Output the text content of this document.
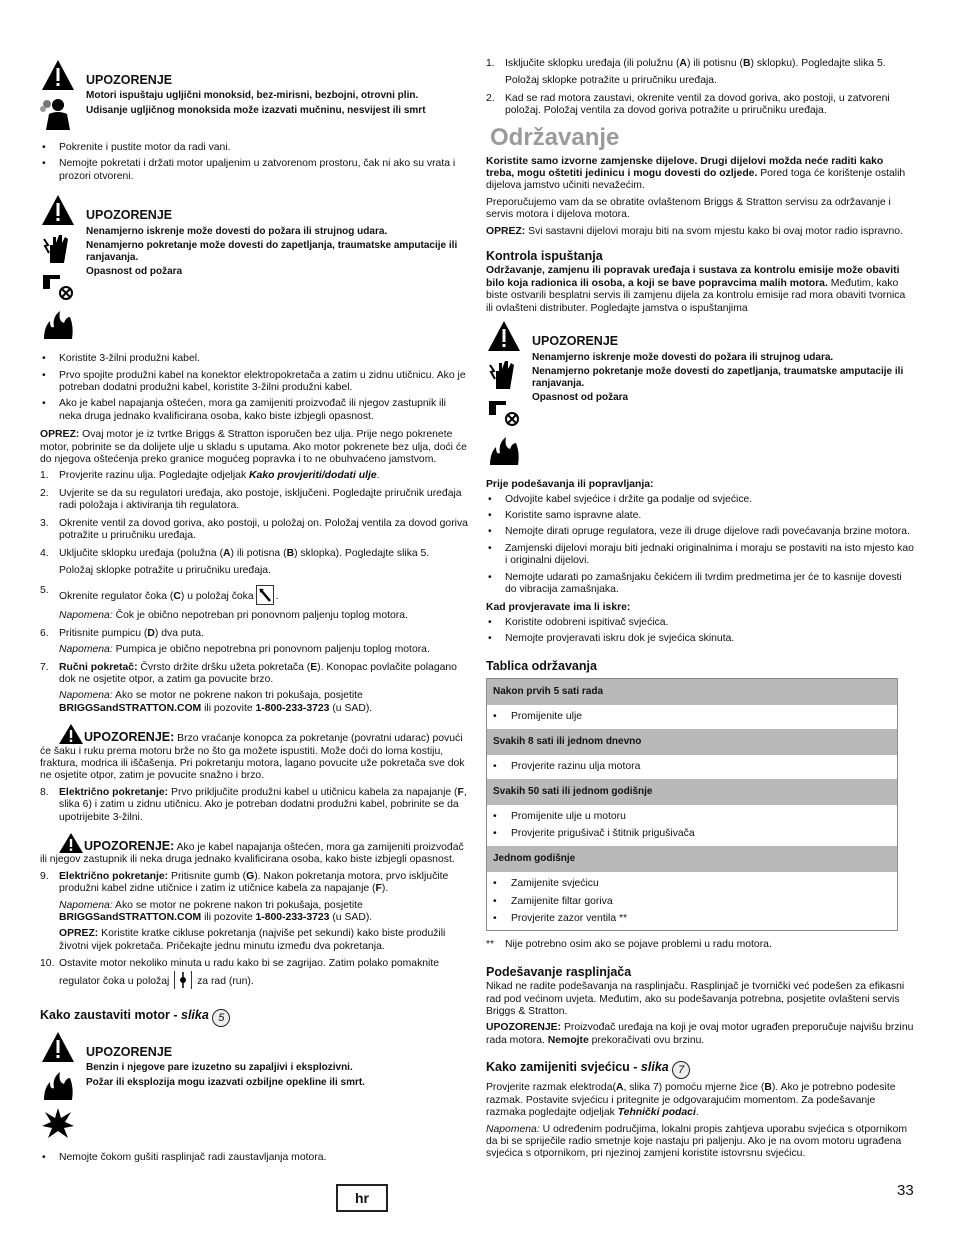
UPOZORENJE
Motori ispuštaju ugljični monoksid, bez-mirisni, bezbojni, otrovni plin.
Udisanje ugljičnog monoksida može izazvati mučninu, nesvijest ili smrt
• Pokrenite i pustite motor da radi vani.
• Nemojte pokretati i držati motor upaljenim u zatvorenom prostoru, čak ni ako su vrata i prozori otvoreni.
UPOZORENJE
Nenamjerno iskrenje može dovesti do požara ili strujnog udara.
Nenamjerno pokretanje može dovesti do zapetljanja, traumatske amputacije ili ranjavanja.
Opasnost od požara
• Koristite 3-žilni produžni kabel.
• Prvo spojite produžni kabel na konektor elektropokretača a zatim u zidnu utičnicu. Ako je potreban dodatni produžni kabel, koristite 3-žilni produžni kabel.
• Ako je kabel napajanja oštećen, mora ga zamijeniti proizvođač ili njegov zastupnik ili neka druga jednako kvalificirana osoba, kako biste izbjegli opasnost.

OPREZ: Ovaj motor je iz tvrtke Briggs & Stratton isporučen bez ulja. Prije nego pokrenete motor, pobrinite se da dolijete ulje u skladu s uputama. Ako motor pokrenete bez ulja, doći će do njegova oštećenja preko granice mogućeg popravka i to ne obuhvaćeno jamstvom.

1. Provjerite razinu ulja. Pogledajte odjeljak Kako provjeriti/dodati ulje.
2. Uvjerite se da su regulatori uređaja, ako postoje, isključeni. Pogledajte priručnik uređaja radi položaja i aktiviranja tih regulatora.
3. Okrenite ventil za dovod goriva, ako postoji, u položaj on. Položaj ventila za dovod goriva potražite u priručniku uređaja.
4. Uključite sklopku uređaja (polužna (A) ili potisna (B) sklopka). Pogledajte slika 5.

Položaj sklopke potražite u priručniku uređaja.

5.
Okrenite regulator čoka (C) u položaj čoka .

Napomena: Čok je obično nepotreban pri ponovnom paljenju toplog motora.

6. Pritisnite pumpicu (D) dva puta.

Napomena: Pumpica je obično nepotrebna pri ponovnom paljenju toplog motora.

7. Ručni pokretač: Čvrsto držite dršku užeta pokretača (E). Konopac povlačite polagano dok ne osjetite otpor, a zatim ga povucite brzo.

Napomena: Ako se motor ne pokrene nakon tri pokušaja, posjetite BRIGGSandSTRATTON.COM ili pozovite 1-800-233-3723 (u SAD).

UPOZORENJE: Brzo vraćanje konopca za pokretanje (povratni udarac) povući će šaku i ruku prema motoru brže no što ga možete ispustiti. Može doći do loma kostiju, fraktura, modrica ili iščašenja. Pri pokretanju motora, lagano povucite uže pokretača sve dok ne osjetite otpor, zatim je povucite snažno i brzo.

8. Električno pokretanje: Prvo priključite produžni kabel u utičnicu kabela za napajanje (F, slika 6) i zatim u zidnu utičnicu. Ako je potreban dodatni produžni kabel, pobrinite se da upotrijebite 3-žilni.

UPOZORENJE: Ako je kabel napajanja oštećen, mora ga zamijeniti proizvođač ili njegov zastupnik ili neka druga jednako kvalificirana osoba, kako biste izbjegli opasnost.

9. Električno pokretanje: Pritisnite gumb (G). Nakon pokretanja motora, prvo isključite produžni kabel zidne utičnice i zatim iz utičnice kabela za napajanje (F).

Napomena: Ako se motor ne pokrene nakon tri pokušaja, posjetite BRIGGSandSTRATTON.COM ili pozovite 1-800-233-3723 (u SAD).

OPREZ: Koristite kratke cikluse pokretanja (najviše pet sekundi) kako biste produžili životni vijek pokretača. Pričekajte jednu minutu između dva pokretanja.

10. Ostavite motor nekoliko minuta u radu kako bi se zagrijao. Zatim polako pomaknite regulator čoka u položaj	za rad (run).
Kako zaustaviti motor - slika 5
UPOZORENJE
Benzin i njegove pare izuzetno su zapaljivi i eksplozivni.
Požar ili eksplozija mogu izazvati ozbiljne opekline ili smrt.
• Nemojte čokom gušiti rasplinjač radi zaustavljanja motora.
1. Isključite sklopku uređaja (ili polužnu (A) ili potisnu (B) sklopku). Pogledajte slika 5.

Položaj sklopke potražite u priručniku uređaja.

2. Kad se rad motora zaustavi, okrenite ventil za dovod goriva, ako postoji, u zatvoreni položaj. Položaj ventila za dovod goriva potražite u priručniku uređaja.
Održavanje

Koristite samo izvorne zamjenske dijelove. Drugi dijelovi možda neće raditi kako treba, mogu oštetiti jedinicu i mogu dovesti do ozljede. Pored toga će korištenje ostalih dijelova jamstvo učiniti nevažećim.

Preporučujemo vam da se obratite ovlaštenom Briggs & Stratton servisu za održavanje i servis motora i dijelova motora.

OPREZ: Svi sastavni dijelovi moraju biti na svom mjestu kako bi ovaj motor radio ispravno.

Kontrola ispuštanja

Održavanje, zamjenu ili popravak uređaja i sustava za kontrolu emisije može obaviti bilo koja radionica ili osoba, a koji se bave popravcima malih motora. Međutim, kako biste ostvarili besplatni servis ili zamjenu dijela za kontrolu emisije rad mora obaviti tvornica ili ovlašteni distributer. Pogledajte jamstva o ispuštanjima

UPOZORENJE
Nenamjerno iskrenje može dovesti do požara ili strujnog udara.
Nenamjerno pokretanje može dovesti do zapetljanja, traumatske amputacije ili ranjavanja.
Opasnost od požara

Prije podešavanja ili popravljanja:

• Odvojite kabel svjećice i držite ga podalje od svjećice.
• Koristite samo ispravne alate.
• Nemojte dirati opruge regulatora, veze ili druge dijelove radi povećavanja brzine motora.
• Zamjenski dijelovi moraju biti jednaki originalnima i moraju se postaviti na isto mjesto kao i originalni dijelovi.
• Nemojte udarati po zamašnjaku čekićem ili tvrdim predmetima jer će to kasnije dovesti do vibracija zamašnjaka.

Kad provjeravate ima li iskre:

• Koristite odobreni ispitivač svjećica.
• Nemojte provjeravati iskru dok je svjećica skinuta.
Tablica održavanja
Nakon prvih 5 sati rada

• Promijenite ulje

Svakih 8 sati ili jednom dnevno

• Provjerite razinu ulja motora

Svakih 50 sati ili jednom godišnje

• Promijenite ulje u motoru
• Provjerite prigušivač i štitnik prigušivača

Jednom godišnje

• Zamijenite svjećicu
• Zamijenite filtar goriva
• Provjerite zazor ventila **

** Nije potrebno osim ako se pojave problemi u radu motora.

Podešavanje rasplinjača

Nikad ne radite podešavanja na rasplinjaču. Rasplinjač je tvornički već podešen za efikasni rad pod većinom uvjeta. Međutim, ako su podešavanja potrebna, posjetite ovlašteni servis Briggs & Stratton.

UPOZORENJE: Proizvođač uređaja na koji je ovaj motor ugrađen preporučuje najvišu brzinu rada motora. Nemojte prekoračivati ovu brzinu.

Kako zamijeniti svjećicu - slika 7

Provjerite razmak elektroda(A, slika 7) pomoću mjerne žice (B). Ako je potrebno podesite razmak. Postavite svjećicu i pritegnite je odgovarajućim momentom. Za podešavanje razmaka pogledajte odjeljak Tehnički podaci.

Napomena: U određenim područjima, lokalni propis zahtjeva uporabu svjećica s otpornikom da bi se spriječile radio smetnje koje nastaju pri paljenju. Ako je na ovom motoru ugrađena svjećica s otpornikom, pri njezinoj zamjeni koristite istovrsnu svjećicu.

hr	33
